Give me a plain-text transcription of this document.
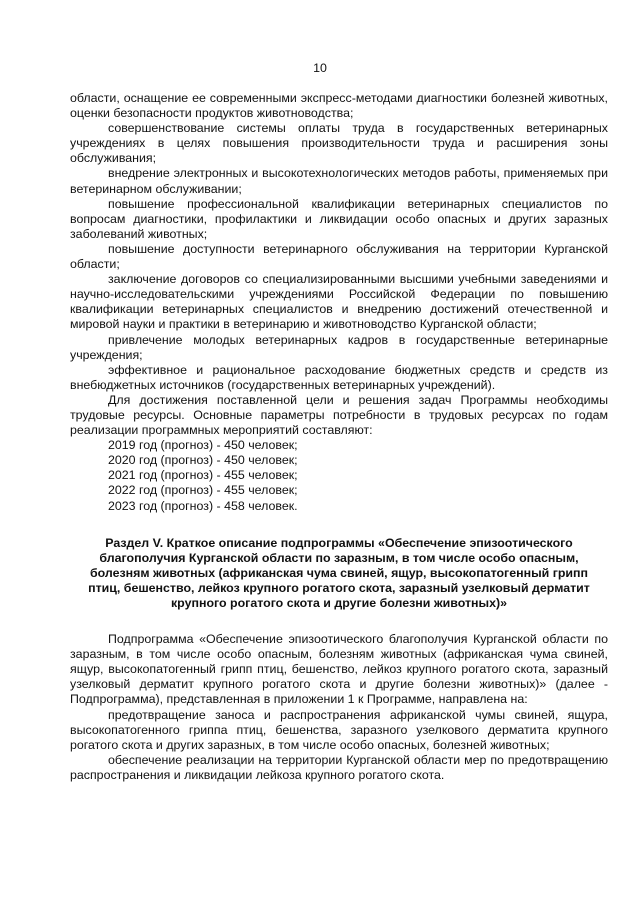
10

области, оснащение ее современными экспресс-методами диагностики болезней животных, оценки безопасности продуктов животноводства;

совершенствование системы оплаты труда в государственных ветеринарных учреждениях в целях повышения производительности труда и расширения зоны обслуживания;

внедрение электронных и высокотехнологических методов работы, применяемых при ветеринарном обслуживании;

повышение профессиональной квалификации ветеринарных специалистов по вопросам диагностики, профилактики и ликвидации особо опасных и других заразных заболеваний животных;

повышение доступности ветеринарного обслуживания на территории Курганской области;

заключение договоров со специализированными высшими учебными заведениями и научно-исследовательскими учреждениями Российской Федерации по повышению квалификации ветеринарных специалистов и внедрению достижений отечественной и мировой науки и практики в ветеринарию и животноводство Курганской области;

привлечение молодых ветеринарных кадров в государственные ветеринарные учреждения;

эффективное и рациональное расходование бюджетных средств и средств из внебюджетных источников (государственных ветеринарных учреждений).

Для достижения поставленной цели и решения задач Программы необходимы трудовые ресурсы. Основные параметры потребности в трудовых ресурсах по годам реализации программных мероприятий составляют:

2019 год (прогноз) - 450 человек;
2020 год (прогноз) - 450 человек;
2021 год (прогноз) - 455 человек;
2022 год (прогноз) - 455 человек;
2023 год (прогноз) - 458 человек.
Раздел V. Краткое описание подпрограммы «Обеспечение эпизоотического
благополучия Курганской области по заразным, в том числе особо опасным,
болезням животных (африканская чума свиней, ящур, высокопатогенный грипп
птиц, бешенство, лейкоз крупного рогатого скота, заразный узелковый дерматит
крупного рогатого скота и другие болезни животных)»

Подпрограмма «Обеспечение эпизоотического благополучия Курганской области по заразным, в том числе особо опасным, болезням животных (африканская чума свиней, ящур, высокопатогенный грипп птиц, бешенство, лейкоз крупного рогатого скота, заразный узелковый дерматит крупного рогатого скота и другие болезни животных)» (далее - Подпрограмма), представленная в приложении 1 к Программе, направлена на:

предотвращение заноса и распространения африканской чумы свиней, ящура, высокопатогенного гриппа птиц, бешенства, заразного узелкового дерматита крупного рогатого скота и других заразных, в том числе особо опасных, болезней животных;

обеспечение реализации на территории Курганской области мер по предотвращению распространения и ликвидации лейкоза крупного рогатого скота.
